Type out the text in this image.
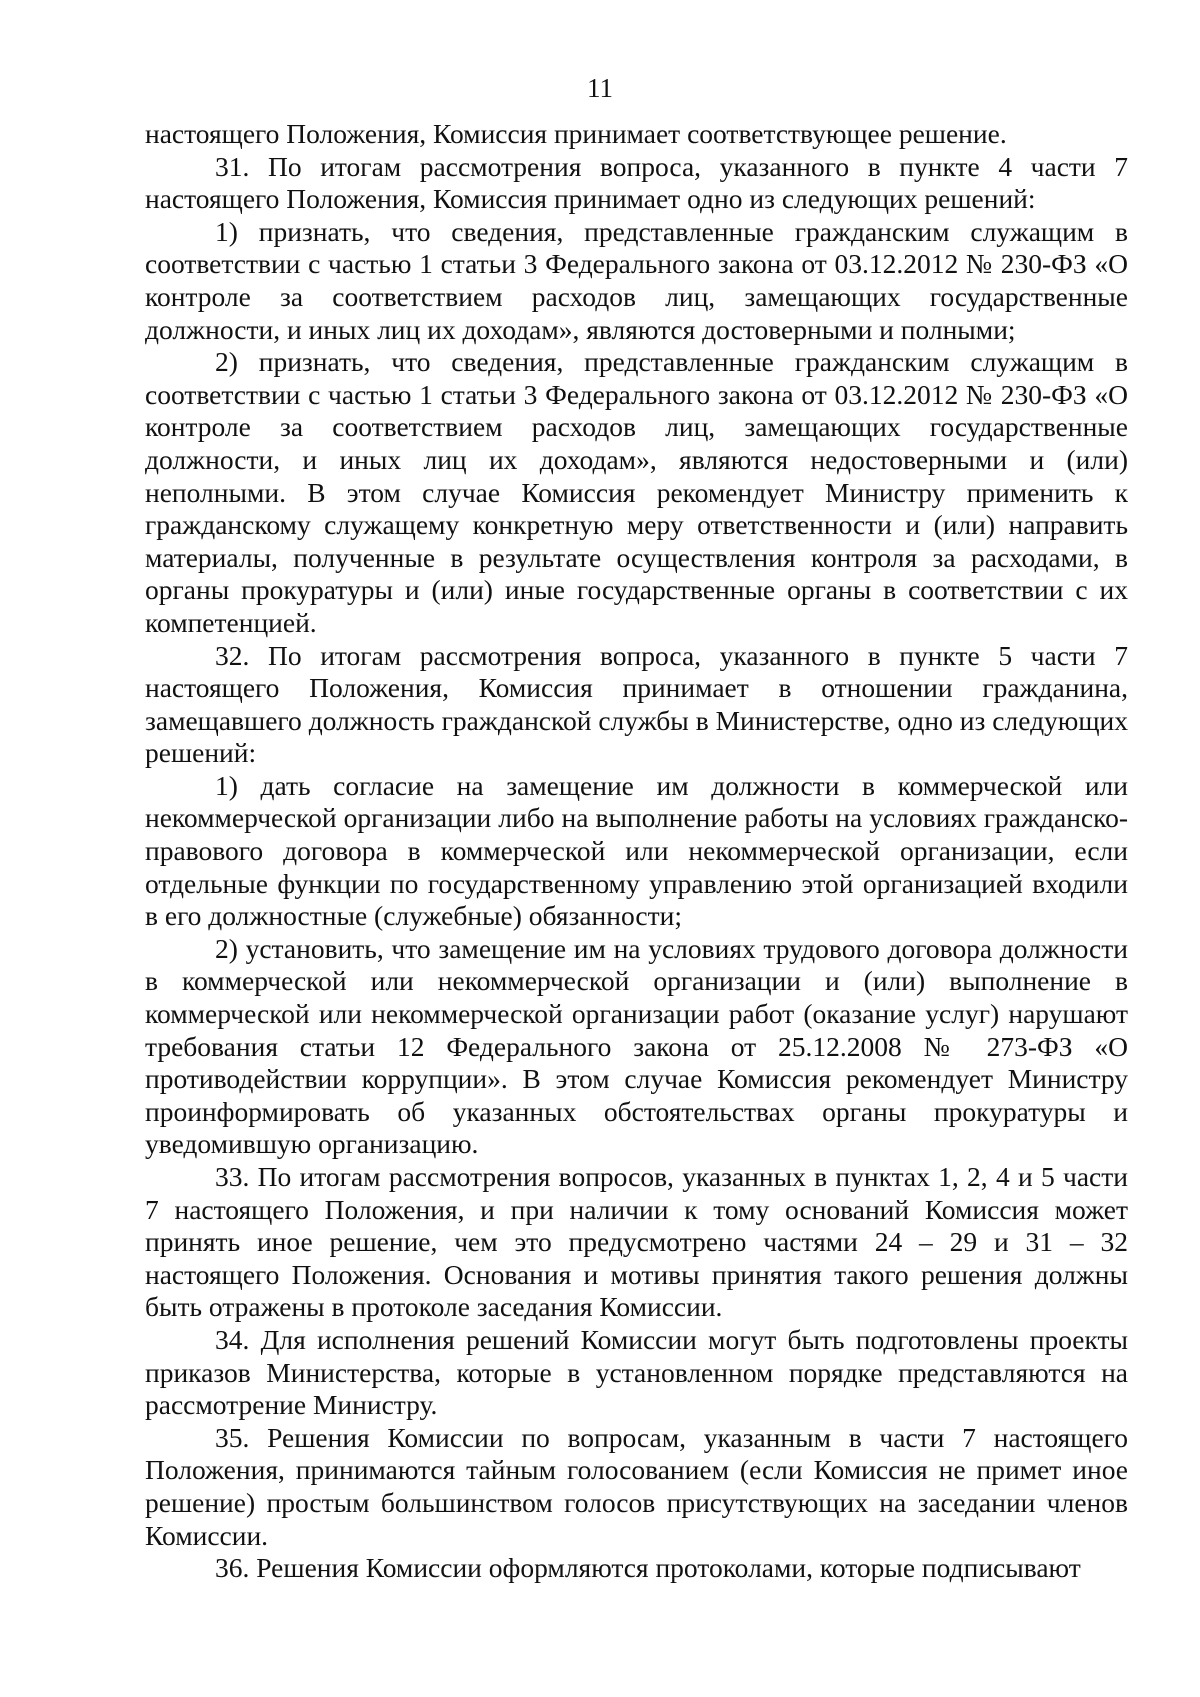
11

настоящего Положения, Комиссия принимает соответствующее решение.

31. По итогам рассмотрения вопроса, указанного в пункте 4 части 7 настоящего Положения, Комиссия принимает одно из следующих решений:

1) признать, что сведения, представленные гражданским служащим в соответствии с частью 1 статьи 3 Федерального закона от 03.12.2012 № 230-ФЗ «О контроле за соответствием расходов лиц, замещающих государственные должности, и иных лиц их доходам», являются достоверными и полными;

2) признать, что сведения, представленные гражданским служащим в соответствии с частью 1 статьи 3 Федерального закона от 03.12.2012 № 230-ФЗ «О контроле за соответствием расходов лиц, замещающих государственные должности, и иных лиц их доходам», являются недостоверными и (или) неполными. В этом случае Комиссия рекомендует Министру применить к гражданскому служащему конкретную меру ответственности и (или) направить материалы, полученные в результате осуществления контроля за расходами, в органы прокуратуры и (или) иные государственные органы в соответствии с их компетенцией.

32. По итогам рассмотрения вопроса, указанного в пункте 5 части 7 настоящего Положения, Комиссия принимает в отношении гражданина, замещавшего должность гражданской службы в Министерстве, одно из следующих решений:

1) дать согласие на замещение им должности в коммерческой или некоммерческой организации либо на выполнение работы на условиях гражданско-правового договора в коммерческой или некоммерческой организации, если отдельные функции по государственному управлению этой организацией входили в его должностные (служебные) обязанности;

2) установить, что замещение им на условиях трудового договора должности в коммерческой или некоммерческой организации и (или) выполнение в коммерческой или некоммерческой организации работ (оказание услуг) нарушают требования статьи 12 Федерального закона от 25.12.2008 № 273-ФЗ «О противодействии коррупции». В этом случае Комиссия рекомендует Министру проинформировать об указанных обстоятельствах органы прокуратуры и уведомившую организацию.

33. По итогам рассмотрения вопросов, указанных в пунктах 1, 2, 4 и 5 части 7 настоящего Положения, и при наличии к тому оснований Комиссия может принять иное решение, чем это предусмотрено частями 24 – 29 и 31 – 32 настоящего Положения. Основания и мотивы принятия такого решения должны быть отражены в протоколе заседания Комиссии.

34. Для исполнения решений Комиссии могут быть подготовлены проекты приказов Министерства, которые в установленном порядке представляются на рассмотрение Министру.

35. Решения Комиссии по вопросам, указанным в части 7 настоящего Положения, принимаются тайным голосованием (если Комиссия не примет иное решение) простым большинством голосов присутствующих на заседании членов Комиссии.

36. Решения Комиссии оформляются протоколами, которые подписывают
